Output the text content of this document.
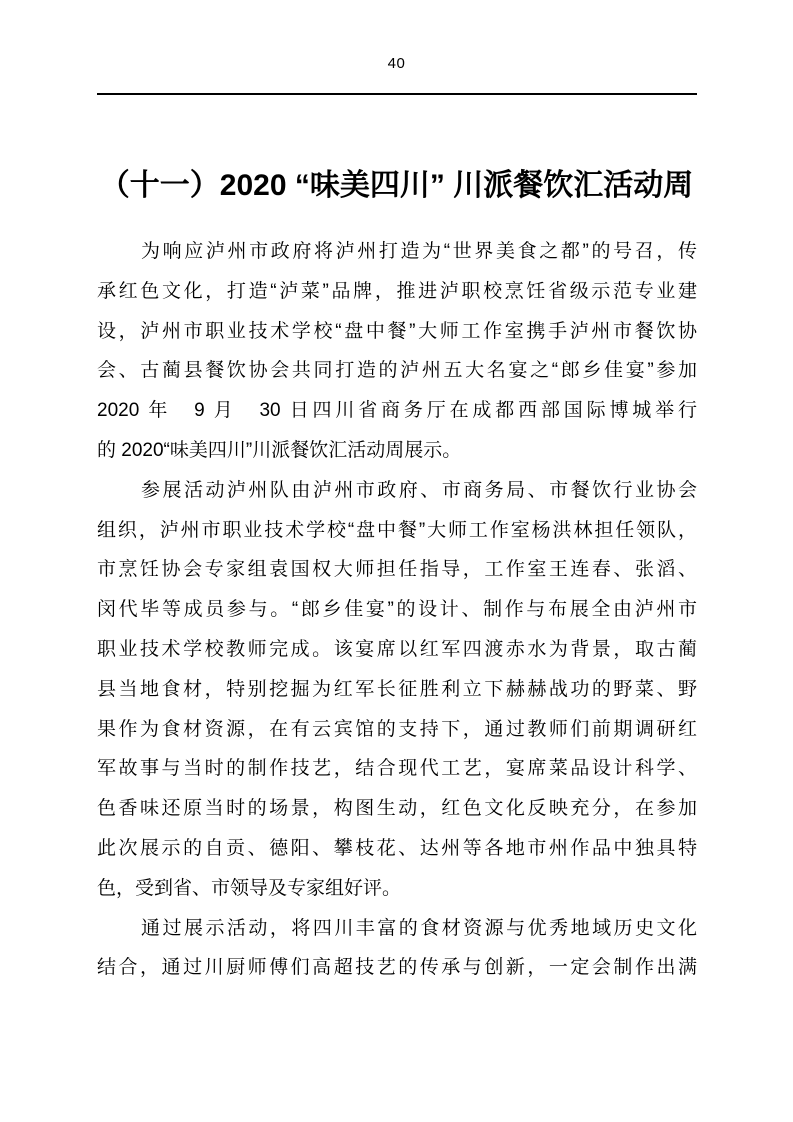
40
（十一）2020 “味美四川” 川派餐饮汇活动周
为响应泸州市政府将泸州打造为“世界美食之都”的号召，传
承红色文化，打造“泸菜”品牌，推进泸职校烹饪省级示范专业建
设，泸州市职业技术学校“盘中餐”大师工作室携手泸州市餐饮协
会、古蔺县餐饮协会共同打造的泸州五大名宴之“郎乡佳宴”参加
2020 年　9 月　30 日四川省商务厅在成都西部国际博城举行
的 2020“味美四川”川派餐饮汇活动周展示。
参展活动泸州队由泸州市政府、市商务局、市餐饮行业协会
组织，泸州市职业技术学校“盘中餐”大师工作室杨洪林担任领队，
市烹饪协会专家组袁国权大师担任指导，工作室王连春、张滔、
闵代毕等成员参与。“郎乡佳宴”的设计、制作与布展全由泸州市
职业技术学校教师完成。该宴席以红军四渡赤水为背景，取古蔺
县当地食材，特别挖掘为红军长征胜利立下赫赫战功的野菜、野
果作为食材资源，在有云宾馆的支持下，通过教师们前期调研红
军故事与当时的制作技艺，结合现代工艺，宴席菜品设计科学、
色香味还原当时的场景，构图生动，红色文化反映充分，在参加
此次展示的自贡、德阳、攀枝花、达州等各地市州作品中独具特
色，受到省、市领导及专家组好评。
通过展示活动，将四川丰富的食材资源与优秀地域历史文化
结合，通过川厨师傅们高超技艺的传承与创新，一定会制作出满
